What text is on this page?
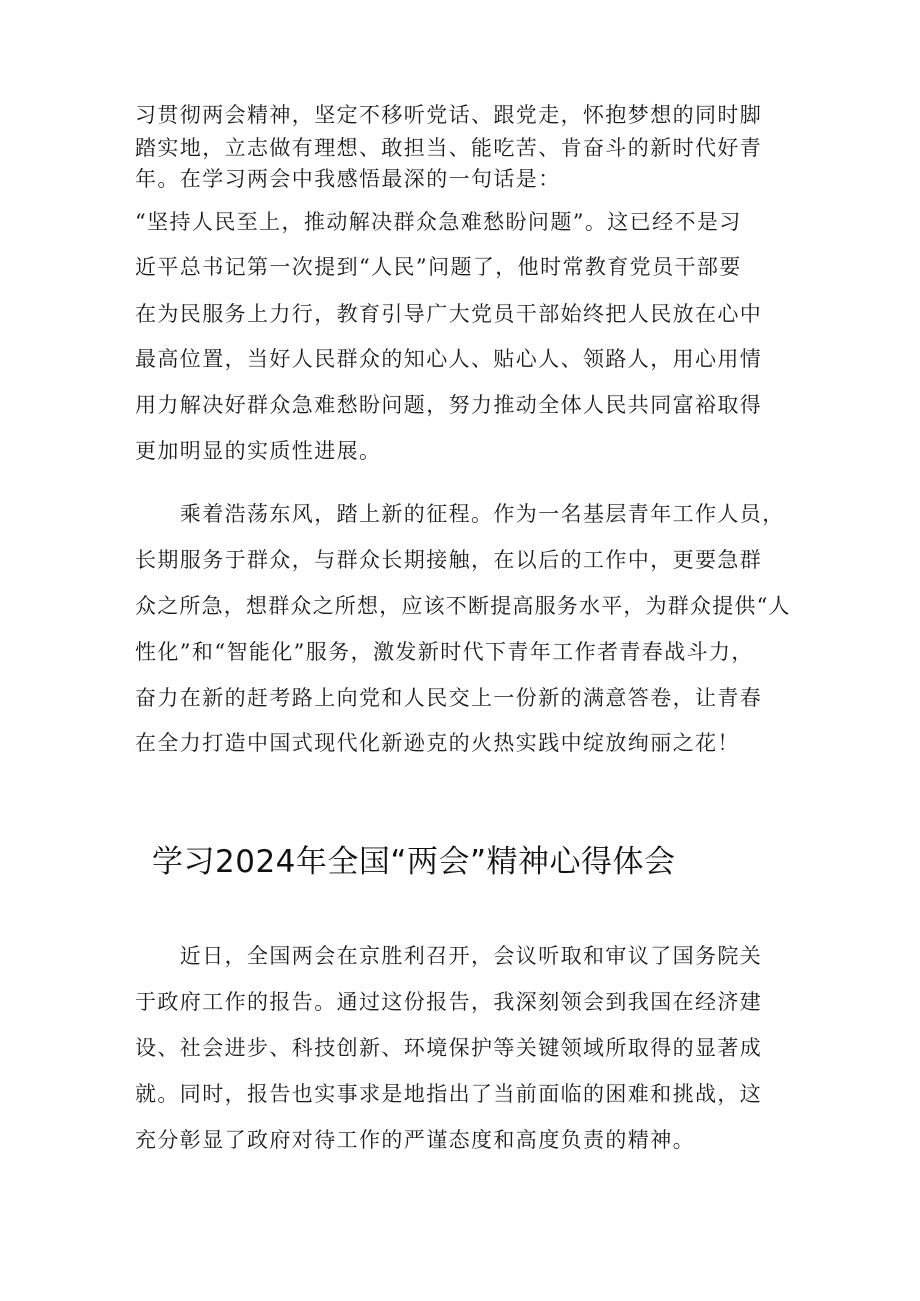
习贯彻两会精神，坚定不移听党话、跟党走，怀抱梦想的同时脚
踏实地，立志做有理想、敢担当、能吃苦、肯奋斗的新时代好青
年。在学习两会中我感悟最深的一句话是：
“坚持人民至上，推动解决群众急难愁盼问题”。这已经不是习
近平总书记第一次提到“人民”问题了，他时常教育党员干部要
在为民服务上力行，教育引导广大党员干部始终把人民放在心中
最高位置，当好人民群众的知心人、贴心人、领路人，用心用情
用力解决好群众急难愁盼问题，努力推动全体人民共同富裕取得
更加明显的实质性进展。
　　乘着浩荡东风，踏上新的征程。作为一名基层青年工作人员，
长期服务于群众，与群众长期接触，在以后的工作中，更要急群
众之所急，想群众之所想，应该不断提高服务水平，为群众提供“人
性化”和“智能化”服务，激发新时代下青年工作者青春战斗力，
奋力在新的赶考路上向党和人民交上一份新的满意答卷，让青春
在全力打造中国式现代化新逊克的火热实践中绽放绚丽之花！
学习2024年全国“两会”精神心得体会
　　近日，全国两会在京胜利召开，会议听取和审议了国务院关
于政府工作的报告。通过这份报告，我深刻领会到我国在经济建
设、社会进步、科技创新、环境保护等关键领域所取得的显著成
就。同时，报告也实事求是地指出了当前面临的困难和挑战，这
充分彰显了政府对待工作的严谨态度和高度负责的精神。
